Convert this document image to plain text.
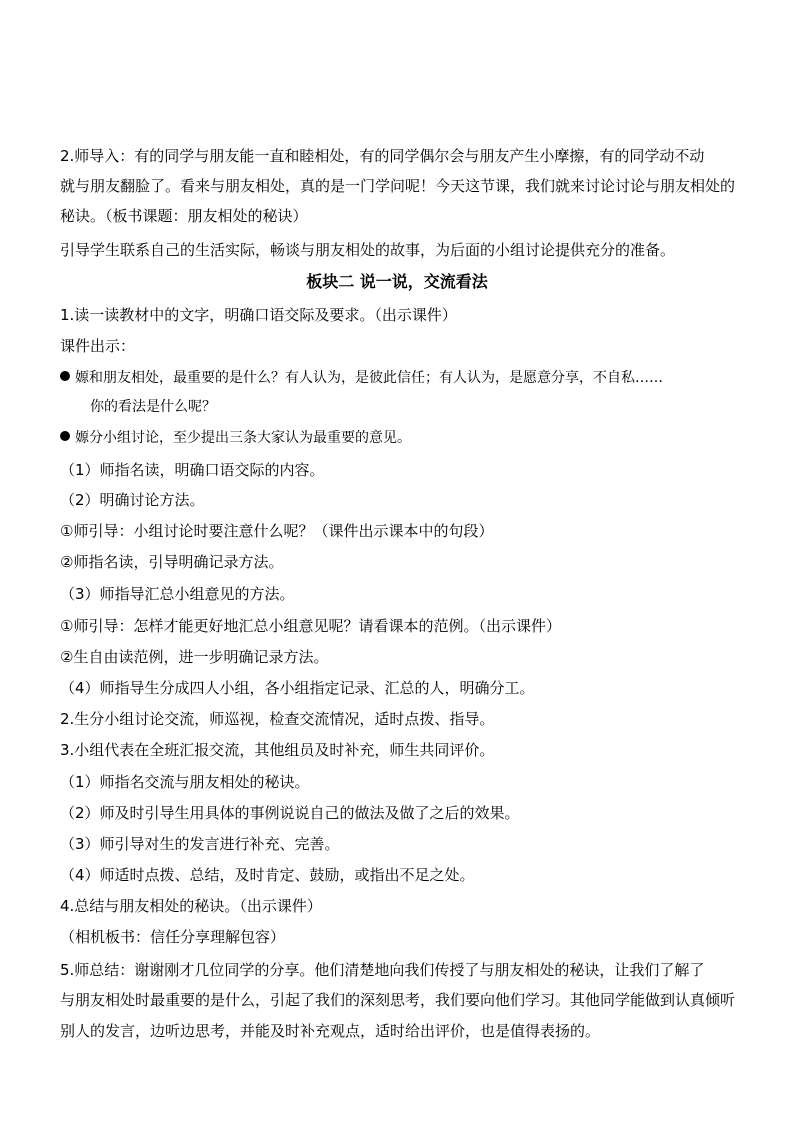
2.师导入：有的同学与朋友能一直和睦相处，有的同学偶尔会与朋友产生小摩擦，有的同学动不动
就与朋友翻脸了。看来与朋友相处，真的是一门学问呢！今天这节课，我们就来讨论讨论与朋友相处的
秘诀。（板书课题：朋友相处的秘诀）
引导学生联系自己的生活实际，畅谈与朋友相处的故事，为后面的小组讨论提供充分的准备。
板块二 说一说，交流看法
1.读一读教材中的文字，明确口语交际及要求。（出示课件）
课件出示：
嫄和朋友相处，最重要的是什么？有人认为，是彼此信任；有人认为，是愿意分享，不自私……
你的看法是什么呢？
嫄分小组讨论，至少提出三条大家认为最重要的意见。
（1）师指名读，明确口语交际的内容。
（2）明确讨论方法。
①师引导：小组讨论时要注意什么呢？（课件出示课本中的句段）
②师指名读，引导明确记录方法。
（3）师指导汇总小组意见的方法。
①师引导：怎样才能更好地汇总小组意见呢？请看课本的范例。（出示课件）
②生自由读范例，进一步明确记录方法。
（4）师指导生分成四人小组，各小组指定记录、汇总的人，明确分工。
2.生分小组讨论交流，师巡视，检查交流情况，适时点拨、指导。
3.小组代表在全班汇报交流，其他组员及时补充，师生共同评价。
（1）师指名交流与朋友相处的秘诀。
（2）师及时引导生用具体的事例说说自己的做法及做了之后的效果。
（3）师引导对生的发言进行补充、完善。
（4）师适时点拨、总结，及时肯定、鼓励，或指出不足之处。
4.总结与朋友相处的秘诀。（出示课件）
（相机板书：信任分享理解包容）
5.师总结：谢谢刚才几位同学的分享。他们清楚地向我们传授了与朋友相处的秘诀，让我们了解了
与朋友相处时最重要的是什么，引起了我们的深刻思考，我们要向他们学习。其他同学能做到认真倾听
别人的发言，边听边思考，并能及时补充观点，适时给出评价，也是值得表扬的。
